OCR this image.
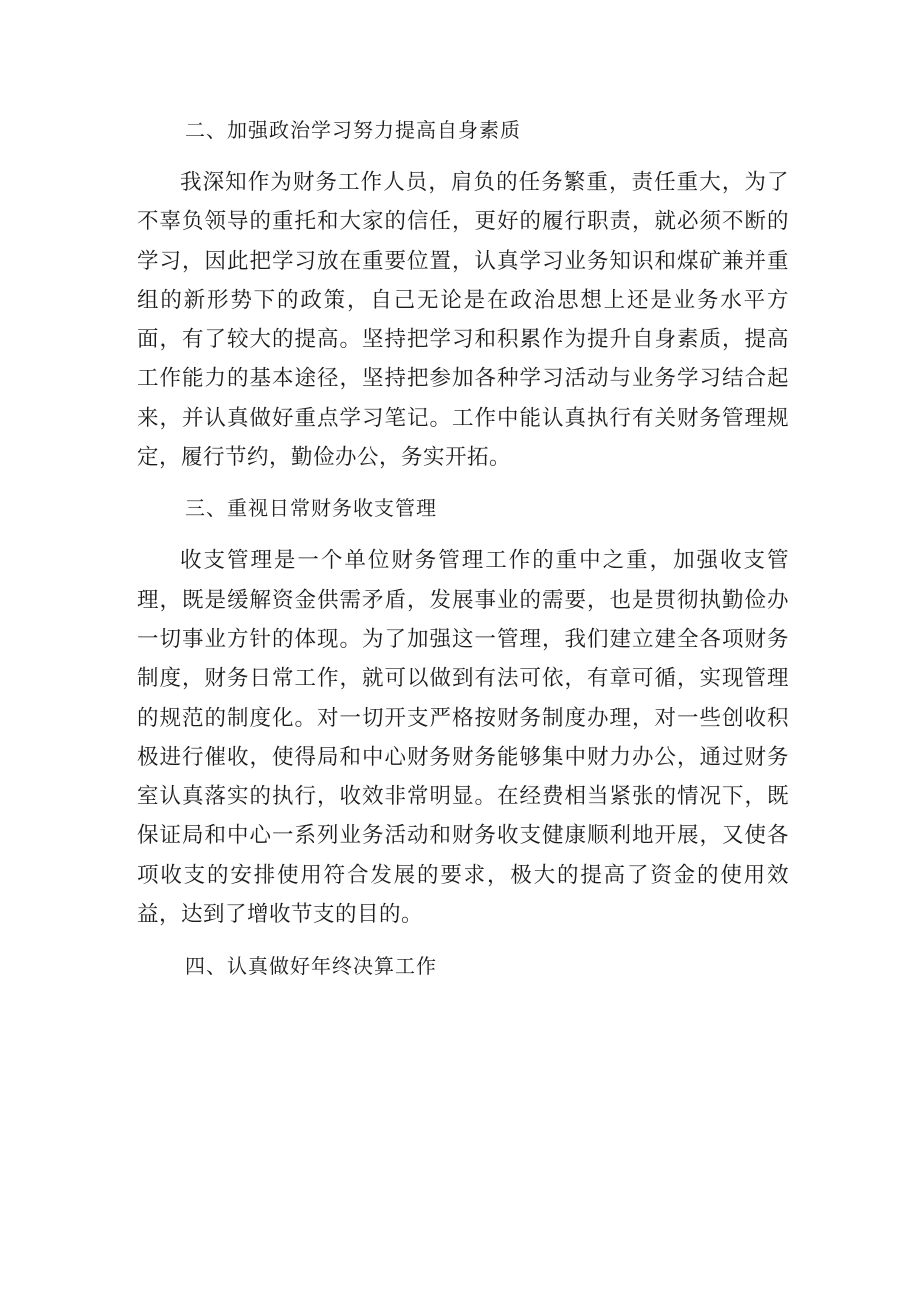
二、加强政治学习努力提高自身素质

我深知作为财务工作人员，肩负的任务繁重，责任重大，为了不辜负领导的重托和大家的信任，更好的履行职责，就必须不断的学习，因此把学习放在重要位置，认真学习业务知识和煤矿兼并重组的新形势下的政策，自己无论是在政治思想上还是业务水平方面，有了较大的提高。坚持把学习和积累作为提升自身素质，提高工作能力的基本途径，坚持把参加各种学习活动与业务学习结合起来，并认真做好重点学习笔记。工作中能认真执行有关财务管理规定，履行节约，勤俭办公，务实开拓。

三、重视日常财务收支管理

收支管理是一个单位财务管理工作的重中之重，加强收支管理，既是缓解资金供需矛盾，发展事业的需要，也是贯彻执勤俭办一切事业方针的体现。为了加强这一管理，我们建立建全各项财务制度，财务日常工作，就可以做到有法可依，有章可循，实现管理的规范的制度化。对一切开支严格按财务制度办理，对一些创收积极进行催收，使得局和中心财务财务能够集中财力办公，通过财务室认真落实的执行，收效非常明显。在经费相当紧张的情况下，既保证局和中心一系列业务活动和财务收支健康顺利地开展，又使各项收支的安排使用符合发展的要求，极大的提高了资金的使用效益，达到了增收节支的目的。

四、认真做好年终决算工作
